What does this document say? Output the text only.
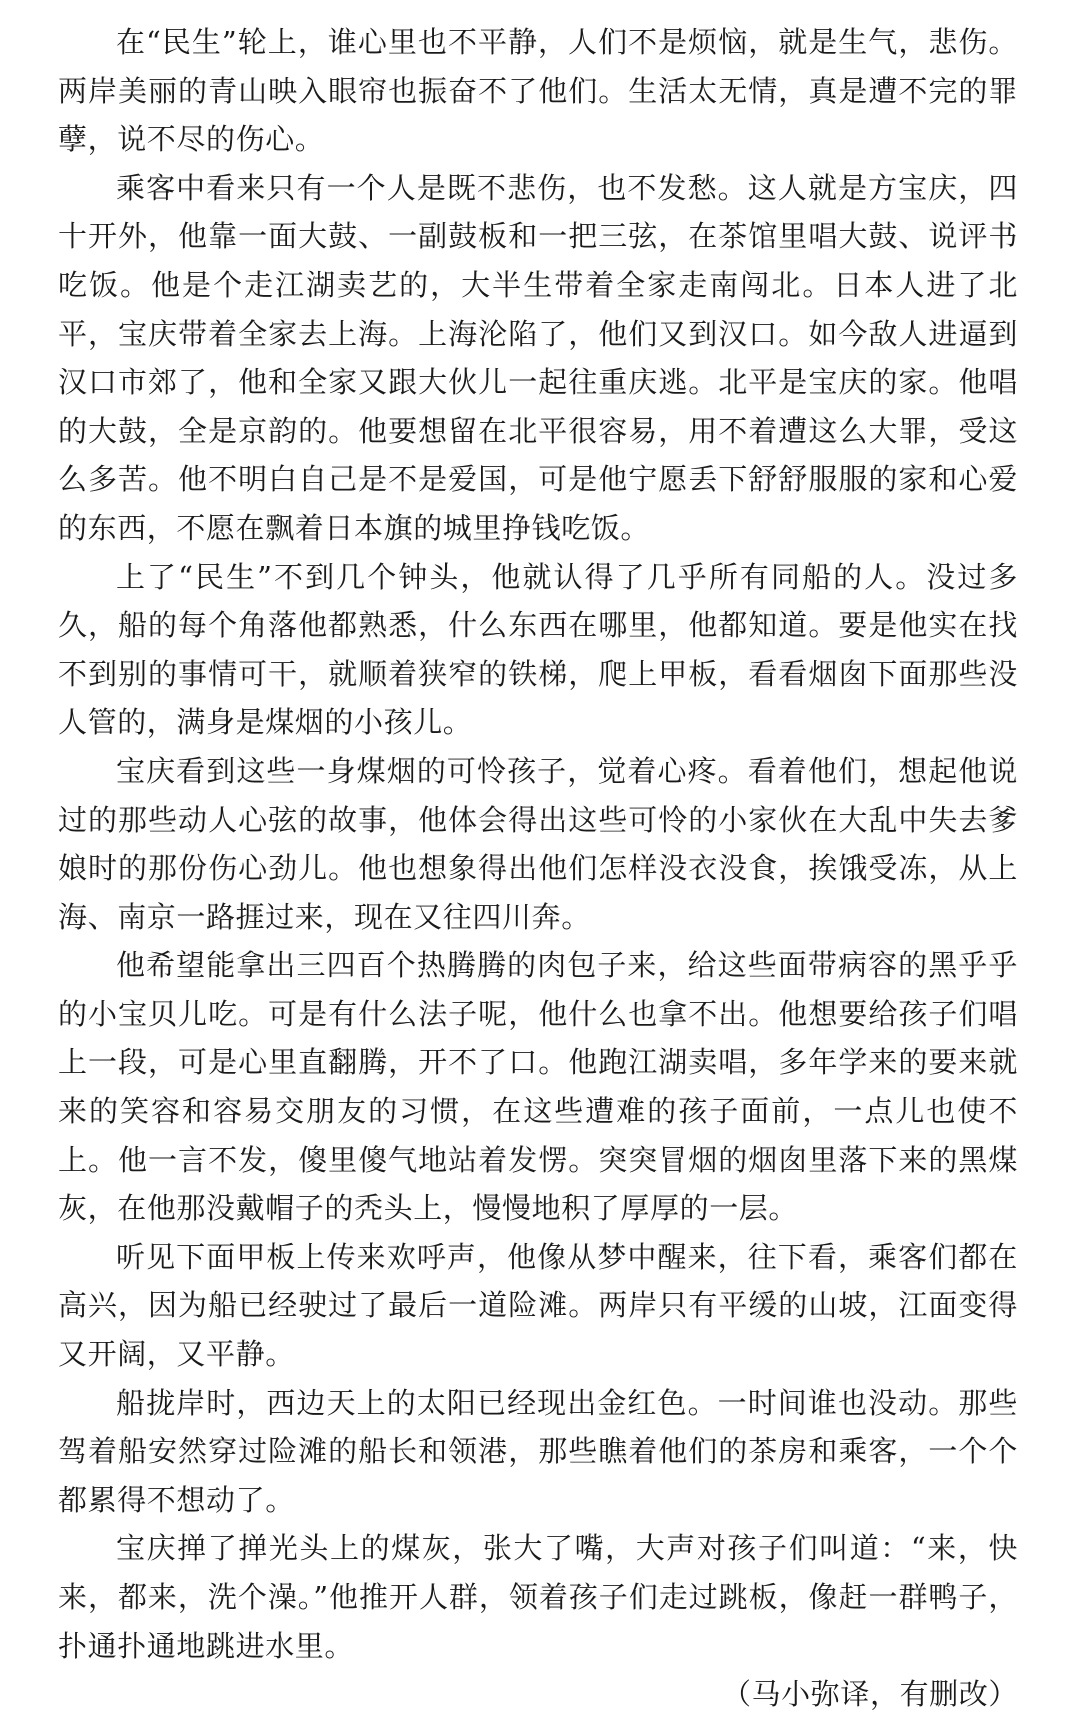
在“民生”轮上，谁心里也不平静，人们不是烦恼，就是生气，悲伤。两岸美丽的青山映入眼帘也振奋不了他们。生活太无情，真是遭不完的罪孽，说不尽的伤心。

乘客中看来只有一个人是既不悲伤，也不发愁。这人就是方宝庆，四十开外，他靠一面大鼓、一副鼓板和一把三弦，在茶馆里唱大鼓、说评书吃饭。他是个走江湖卖艺的，大半生带着全家走南闯北。日本人进了北平，宝庆带着全家去上海。上海沦陷了，他们又到汉口。如今敌人进逼到汉口市郊了，他和全家又跟大伙儿一起往重庆逃。北平是宝庆的家。他唱的大鼓，全是京韵的。他要想留在北平很容易，用不着遭这么大罪，受这么多苦。他不明白自己是不是爱国，可是他宁愿丢下舒舒服服的家和心爱的东西，不愿在飘着日本旗的城里挣钱吃饭。

上了“民生”不到几个钟头，他就认得了几乎所有同船的人。没过多久，船的每个角落他都熟悉，什么东西在哪里，他都知道。要是他实在找不到别的事情可干，就顺着狭窄的铁梯，爬上甲板，看看烟囱下面那些没人管的，满身是煤烟的小孩儿。

宝庆看到这些一身煤烟的可怜孩子，觉着心疼。看着他们，想起他说过的那些动人心弦的故事，他体会得出这些可怜的小家伙在大乱中失去爹娘时的那份伤心劲儿。他也想象得出他们怎样没衣没食，挨饿受冻，从上海、南京一路捱过来，现在又往四川奔。

他希望能拿出三四百个热腾腾的肉包子来，给这些面带病容的黑乎乎的小宝贝儿吃。可是有什么法子呢，他什么也拿不出。他想要给孩子们唱上一段，可是心里直翻腾，开不了口。他跑江湖卖唱，多年学来的要来就来的笑容和容易交朋友的习惯，在这些遭难的孩子面前，一点儿也使不上。他一言不发，傻里傻气地站着发愣。突突冒烟的烟囱里落下来的黑煤灰，在他那没戴帽子的秃头上，慢慢地积了厚厚的一层。

听见下面甲板上传来欢呼声，他像从梦中醒来，往下看，乘客们都在高兴，因为船已经驶过了最后一道险滩。两岸只有平缓的山坡，江面变得又开阔，又平静。

船拢岸时，西边天上的太阳已经现出金红色。一时间谁也没动。那些驾着船安然穿过险滩的船长和领港，那些瞧着他们的茶房和乘客，一个个都累得不想动了。

宝庆掸了掸光头上的煤灰，张大了嘴，大声对孩子们叫道：“来，快来，都来，洗个澡。”他推开人群，领着孩子们走过跳板，像赶一群鸭子，扑通扑通地跳进水里。

（马小弥译，有删改）
